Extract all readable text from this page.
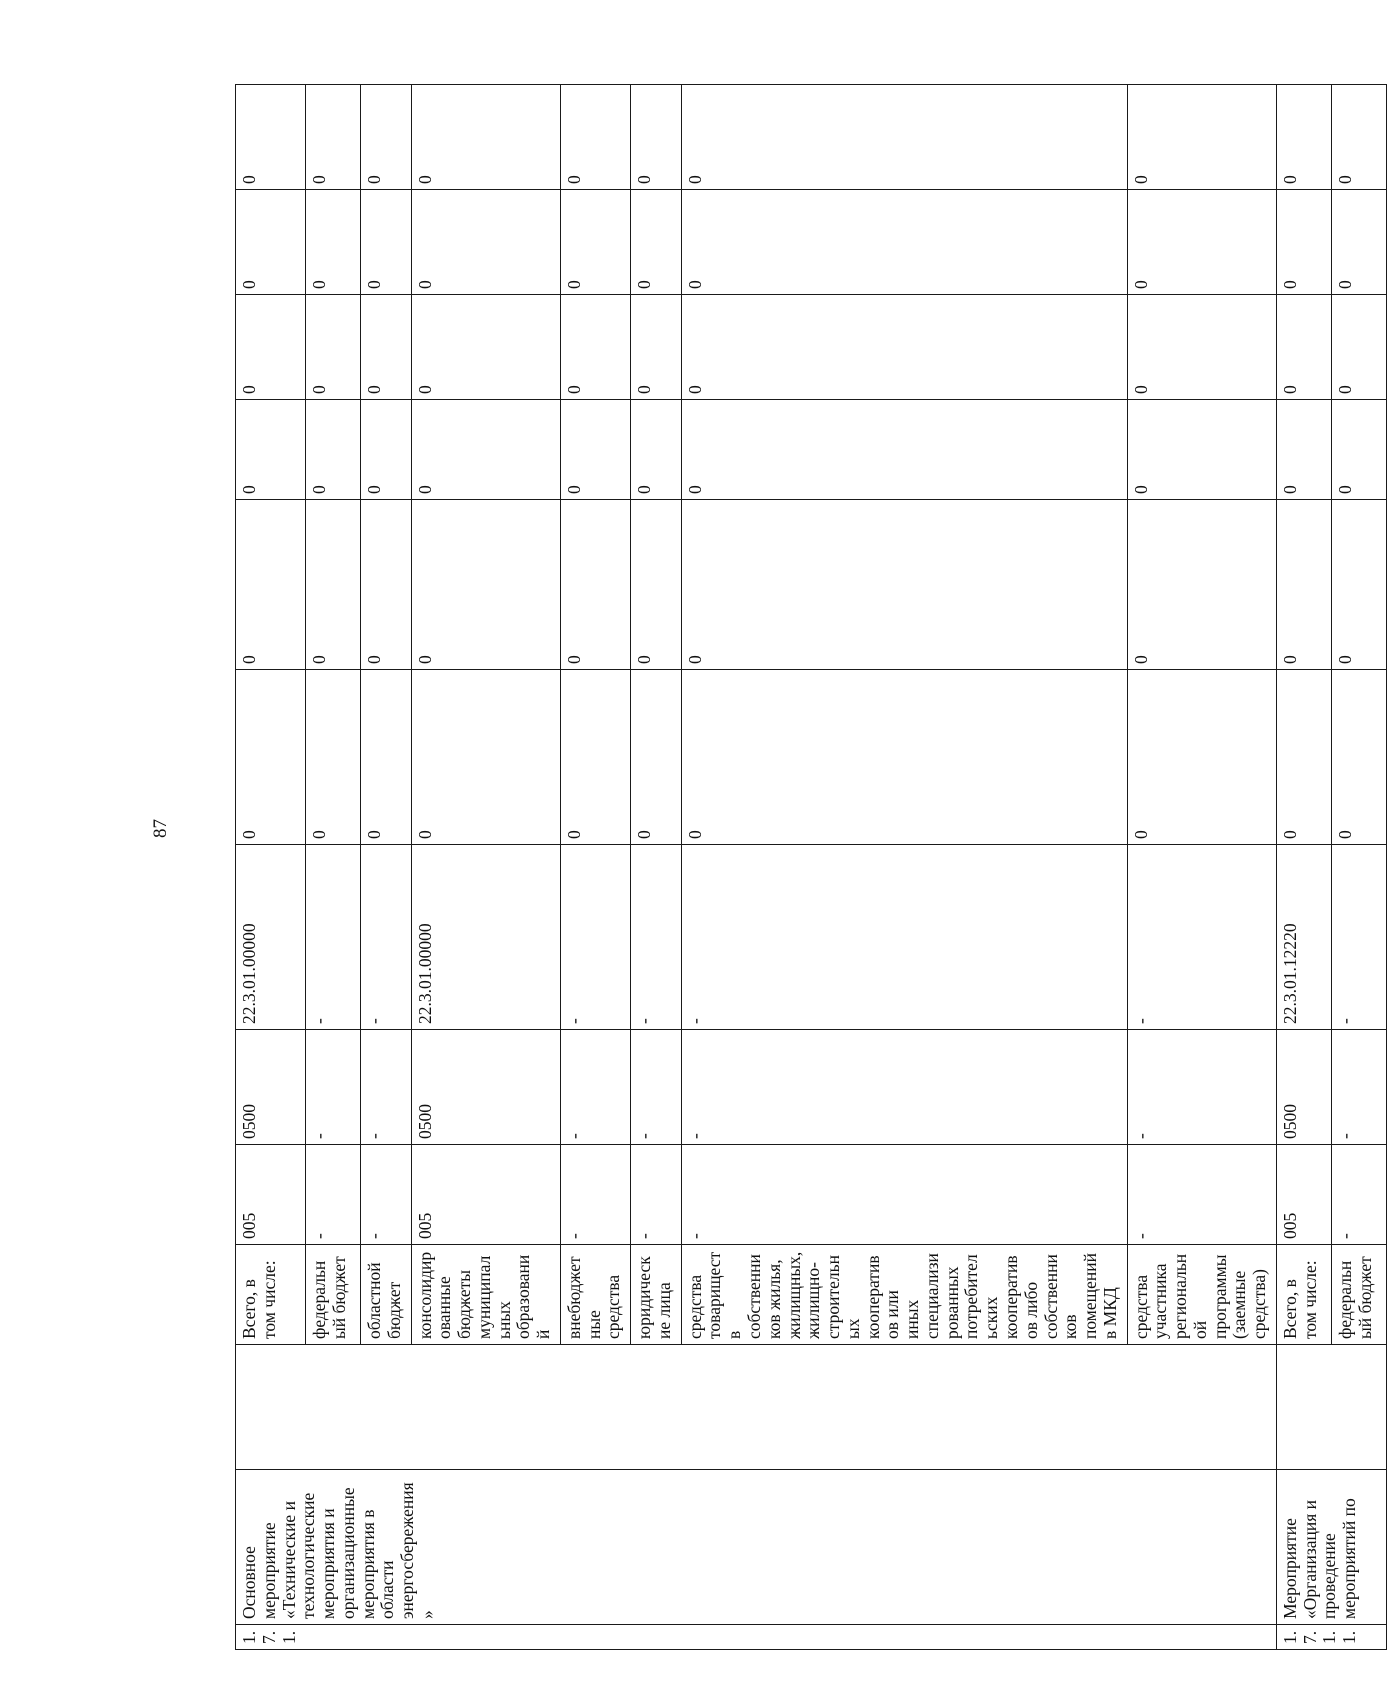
87
1.7.1.	Основное мероприятие «Технические и технологические мероприятия и организационные мероприятия в области энергосбережения»		Всего, в том числе:	005	0500	22.3.01.00000	0	0	0	0	0	0
			федеральный бюджет	-	-	-	0	0	0	0	0	0
			областной бюджет	-	-	-	0	0	0	0	0	0
			консолидированные бюджеты муниципальных образований	005	0500	22.3.01.00000	0	0	0	0	0	0
			внебюджетные средства	-	-	-	0	0	0	0	0	0
			юридические лица	-	-	-	0	0	0	0	0	0
			средства товариществ собственников жилья, жилищных, жилищно-строительных кооперативов или иных специализированных потребительских кооперативов либо собственников помещений в МКД	-	-	-	0	0	0	0	0	0
			средства участника региональной программы (заемные средства)	-	-	-	0	0	0	0	0	0
1.7.1.1.	Мероприятие «Организация и проведение мероприятий по		Всего, в том числе:	005	0500	22.3.01.12220	0	0	0	0	0	0
			федеральный бюджет	-	-	-	0	0	0	0	0	0
